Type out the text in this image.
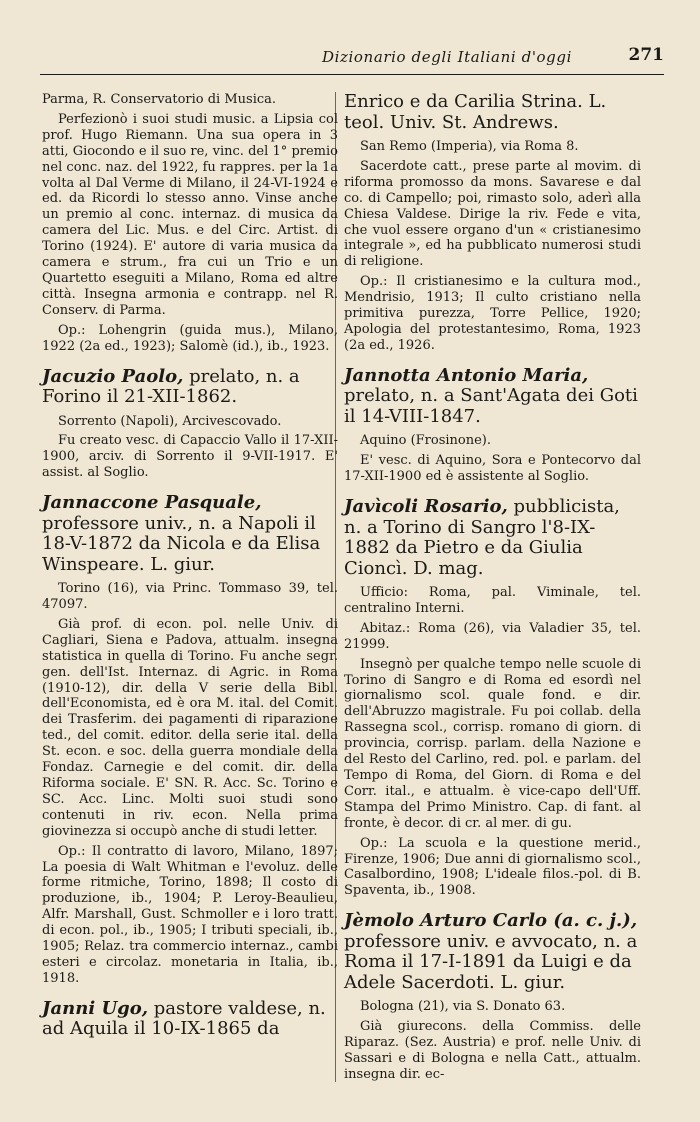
Dizionario degli Italiani d'oggi	271

Parma, R. Conservatorio di Musica.

Perfezionò i suoi studi music. a Lipsia col prof. Hugo Riemann. Una sua opera in 3 atti, Giocondo e il suo re, vinc. del 1° premio nel conc. naz. del 1922, fu rappres. per la 1a volta al Dal Verme di Milano, il 24-VI-1924 e ed. da Ricordi lo stesso anno. Vinse anche un premio al conc. internaz. di musica da camera del Lic. Mus. e del Circ. Artist. di Torino (1924). E' autore di varia musica da camera e strum., fra cui un Trio e un Quartetto eseguiti a Milano, Roma ed altre città. Insegna armonia e contrapp. nel R. Conserv. di Parma.

Op.: Lohengrin (guida mus.), Milano, 1922 (2a ed., 1923); Salomè (id.), ib., 1923.

Jacuzio Paolo, prelato, n. a Forino il 21-XII-1862.

Sorrento (Napoli), Arcivescovado.

Fu creato vesc. di Capaccio Vallo il 17-XII-1900, arciv. di Sorrento il 9-VII-1917. E' assist. al Soglio.

Jannaccone Pasquale, professore univ., n. a Napoli il 18-V-1872 da Nicola e da Elisa Winspeare. L. giur.

Torino (16), via Princ. Tommaso 39, tel. 47097.

Già prof. di econ. pol. nelle Univ. di Cagliari, Siena e Padova, attualm. insegna statistica in quella di Torino. Fu anche segr. gen. dell'Ist. Internaz. di Agric. in Roma (1910-12), dir. della V serie della Bibl. dell'Economista, ed è ora M. ital. del Comit. dei Trasferim. dei pagamenti di riparazione ted., del comit. editor. della serie ital. della St. econ. e soc. della guerra mondiale della Fondaz. Carnegie e del comit. dir. della Riforma sociale. E' SN. R. Acc. Sc. Torino e SC. Acc. Linc. Molti suoi studi sono contenuti in riv. econ. Nella prima giovinezza si occupò anche di studi letter.

Op.: Il contratto di lavoro, Milano, 1897; La poesia di Walt Whitman e l'evoluz. delle forme ritmiche, Torino, 1898; Il costo di produzione, ib., 1904; P. Leroy-Beaulieu, Alfr. Marshall, Gust. Schmoller e i loro tratt. di econ. pol., ib., 1905; I tributi speciali, ib., 1905; Relaz. tra commercio internaz., cambi esteri e circolaz. monetaria in Italia, ib., 1918.

Janni Ugo, pastore valdese, n. ad Aquila il 10-IX-1865 da
Enrico e da Carilia Strina. L. teol. Univ. St. Andrews.

San Remo (Imperia), via Roma 8.

Sacerdote catt., prese parte al movim. di riforma promosso da mons. Savarese e dal co. di Campello; poi, rimasto solo, aderì alla Chiesa Valdese. Dirige la riv. Fede e vita, che vuol essere organo d'un « cristianesimo integrale », ed ha pubblicato numerosi studi di religione.

Op.: Il cristianesimo e la cultura mod., Mendrisio, 1913; Il culto cristiano nella primitiva purezza, Torre Pellice, 1920; Apologia del protestantesimo, Roma, 1923 (2a ed., 1926.

Jannotta Antonio Maria, prelato, n. a Sant'Agata dei Goti il 14-VIII-1847.

Aquino (Frosinone).

E' vesc. di Aquino, Sora e Pontecorvo dal 17-XII-1900 ed è assistente al Soglio.

Javìcoli Rosario, pubblicista, n. a Torino di Sangro l'8-IX-1882 da Pietro e da Giulia Cioncì. D. mag.

Ufficio: Roma, pal. Viminale, tel. centralino Interni.

Abitaz.: Roma (26), via Valadier 35, tel. 21999.

Insegnò per qualche tempo nelle scuole di Torino di Sangro e di Roma ed esordì nel giornalismo scol. quale fond. e dir. dell'Abruzzo magistrale. Fu poi collab. della Rassegna scol., corrisp. romano di giorn. di provincia, corrisp. parlam. della Nazione e del Resto del Carlino, red. pol. e parlam. del Tempo di Roma, del Giorn. di Roma e del Corr. ital., e attualm. è vice-capo dell'Uff. Stampa del Primo Ministro. Cap. di fant. al fronte, è decor. di cr. al mer. di gu.

Op.: La scuola e la questione merid., Firenze, 1906; Due anni di giornalismo scol., Casalbordino, 1908; L'ideale filos.-pol. di B. Spaventa, ib., 1908.

Jèmolo Arturo Carlo (a. c. j.), professore univ. e avvocato, n. a Roma il 17-I-1891 da Luigi e da Adele Sacerdoti. L. giur.

Bologna (21), via S. Donato 63.

Già giurecons. della Commiss. delle Riparaz. (Sez. Austria) e prof. nelle Univ. di Sassari e di Bologna e nella Catt., attualm. insegna dir. ec-
